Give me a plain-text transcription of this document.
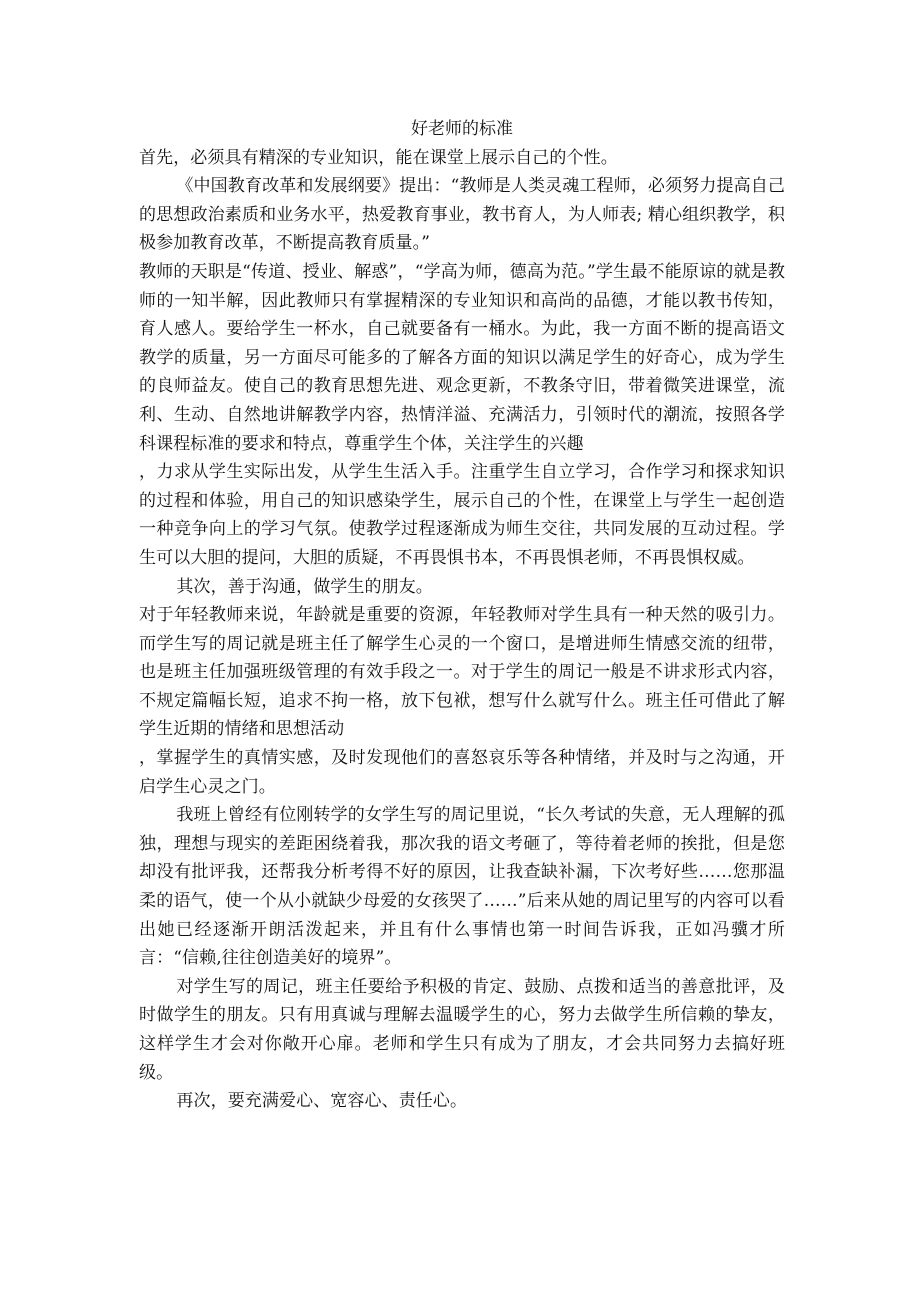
好老师的标准

首先，必须具有精深的专业知识，能在课堂上展示自己的个性。

《中国教育改革和发展纲要》提出：“教师是人类灵魂工程师，必须努力提高自己的思想政治素质和业务水平，热爱教育事业，教书育人，为人师表; 精心组织教学，积极参加教育改革，不断提高教育质量。”

教师的天职是“传道、授业、解惑”，“学高为师，德高为范。”学生最不能原谅的就是教师的一知半解，因此教师只有掌握精深的专业知识和高尚的品德，才能以教书传知，育人感人。要给学生一杯水，自己就要备有一桶水。为此，我一方面不断的提高语文教学的质量，另一方面尽可能多的了解各方面的知识以满足学生的好奇心，成为学生的良师益友。使自己的教育思想先进、观念更新，不教条守旧，带着微笑进课堂，流利、生动、自然地讲解教学内容，热情洋溢、充满活力，引领时代的潮流，按照各学科课程标准的要求和特点，尊重学生个体，关注学生的兴趣

，力求从学生实际出发，从学生生活入手。注重学生自立学习，合作学习和探求知识的过程和体验，用自己的知识感染学生，展示自己的个性，在课堂上与学生一起创造一种竞争向上的学习气氛。使教学过程逐渐成为师生交往，共同发展的互动过程。学生可以大胆的提问，大胆的质疑，不再畏惧书本，不再畏惧老师，不再畏惧权威。

其次，善于沟通，做学生的朋友。

对于年轻教师来说，年龄就是重要的资源，年轻教师对学生具有一种天然的吸引力。而学生写的周记就是班主任了解学生心灵的一个窗口，是增进师生情感交流的纽带，也是班主任加强班级管理的有效手段之一。对于学生的周记一般是不讲求形式内容，不规定篇幅长短，追求不拘一格，放下包袱，想写什么就写什么。班主任可借此了解学生近期的情绪和思想活动

，掌握学生的真情实感，及时发现他们的喜怒哀乐等各种情绪，并及时与之沟通，开启学生心灵之门。

我班上曾经有位刚转学的女学生写的周记里说，“长久考试的失意，无人理解的孤独，理想与现实的差距困绕着我，那次我的语文考砸了，等待着老师的挨批，但是您却没有批评我，还帮我分析考得不好的原因，让我查缺补漏，下次考好些……您那温柔的语气，使一个从小就缺少母爱的女孩哭了……”后来从她的周记里写的内容可以看出她已经逐渐开朗活泼起来，并且有什么事情也第一时间告诉我，正如冯骥才所言：“信赖,往往创造美好的境界”。

对学生写的周记，班主任要给予积极的肯定、鼓励、点拨和适当的善意批评，及时做学生的朋友。只有用真诚与理解去温暖学生的心，努力去做学生所信赖的挚友，这样学生才会对你敞开心扉。老师和学生只有成为了朋友，才会共同努力去搞好班级。

再次，要充满爱心、宽容心、责任心。
